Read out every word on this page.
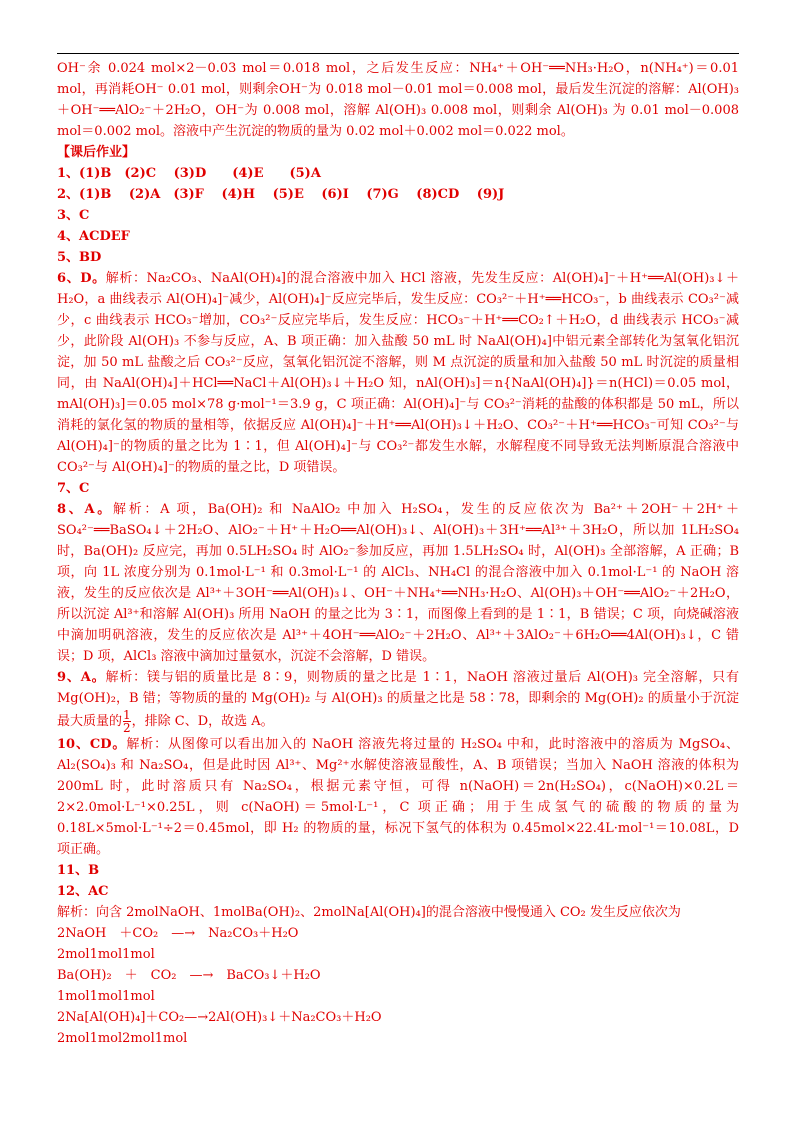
OH⁻余 0.024 mol×2－0.03 mol＝0.018 mol，之后发生反应：NH₄⁺＋OH⁻══NH₃·H₂O，n(NH₄⁺)＝0.01 mol，再消耗OH⁻ 0.01 mol，则剩余OH⁻为 0.018 mol－0.01 mol＝0.008 mol，最后发生沉淀的溶解：Al(OH)₃＋OH⁻══AlO₂⁻＋2H₂O，OH⁻为 0.008 mol，溶解 Al(OH)₃ 0.008 mol，则剩余 Al(OH)₃ 为 0.01 mol－0.008 mol＝0.002 mol。溶液中产生沉淀的物质的量为 0.02 mol＋0.002 mol＝0.022 mol。

【课后作业】

1、(1)B　(2)C　 (3)D　　(4)E　　(5)A

2、(1)B　 (2)A　(3)F　 (4)H　 (5)E　 (6)I　 (7)G　 (8)CD　 (9)J

3、C

4、ACDEF

5、BD

6、D。解析：Na₂CO₃、NaAl(OH)₄]的混合溶液中加入 HCl 溶液，先发生反应：Al(OH)₄]⁻＋H⁺══Al(OH)₃↓＋H₂O，a 曲线表示 Al(OH)₄]⁻减少，Al(OH)₄]⁻反应完毕后，发生反应：CO₃²⁻＋H⁺══HCO₃⁻，b 曲线表示 CO₃²⁻减少，c 曲线表示 HCO₃⁻增加，CO₃²⁻反应完毕后，发生反应：HCO₃⁻＋H⁺══CO₂↑＋H₂O，d 曲线表示 HCO₃⁻减少，此阶段 Al(OH)₃ 不参与反应，A、B 项正确：加入盐酸 50 mL 时 NaAl(OH)₄]中铝元素全部转化为氢氧化铝沉淀，加 50 mL 盐酸之后 CO₃²⁻反应，氢氧化铝沉淀不溶解，则 M 点沉淀的质量和加入盐酸 50 mL 时沉淀的质量相同，由 NaAl(OH)₄]＋HCl══NaCl＋Al(OH)₃↓＋H₂O 知，nAl(OH)₃]＝n{NaAl(OH)₄]}＝n(HCl)＝0.05 mol，mAl(OH)₃]＝0.05 mol×78 g·mol⁻¹＝3.9 g，C 项正确：Al(OH)₄]⁻与 CO₃²⁻消耗的盐酸的体积都是 50 mL，所以消耗的氯化氢的物质的量相等，依据反应 Al(OH)₄]⁻＋H⁺══Al(OH)₃↓＋H₂O、CO₃²⁻＋H⁺══HCO₃⁻可知 CO₃²⁻与 Al(OH)₄]⁻的物质的量之比为 1∶1，但 Al(OH)₄]⁻与 CO₃²⁻都发生水解，水解程度不同导致无法判断原混合溶液中 CO₃²⁻与 Al(OH)₄]⁻的物质的量之比，D 项错误。

7、C

8、A。解析：A 项，Ba(OH)₂ 和 NaAlO₂ 中加入 H₂SO₄，发生的反应依次为 Ba²⁺＋2OH⁻＋2H⁺＋SO₄²⁻══BaSO₄↓＋2H₂O、AlO₂⁻＋H⁺＋H₂O══Al(OH)₃↓、Al(OH)₃＋3H⁺══Al³⁺＋3H₂O，所以加 1LH₂SO₄ 时，Ba(OH)₂ 反应完，再加 0.5LH₂SO₄ 时 AlO₂⁻参加反应，再加 1.5LH₂SO₄ 时，Al(OH)₃ 全部溶解，A 正确；B 项，向 1L 浓度分别为 0.1mol·L⁻¹ 和 0.3mol·L⁻¹ 的 AlCl₃、NH₄Cl 的混合溶液中加入 0.1mol·L⁻¹ 的 NaOH 溶液，发生的反应依次是 Al³⁺＋3OH⁻══Al(OH)₃↓、OH⁻＋NH₄⁺══NH₃·H₂O、Al(OH)₃＋OH⁻══AlO₂⁻＋2H₂O，所以沉淀 Al³⁺和溶解 Al(OH)₃ 所用 NaOH 的量之比为 3∶1，而图像上看到的是 1∶1，B 错误；C 项，向烧碱溶液中滴加明矾溶液，发生的反应依次是 Al³⁺＋4OH⁻══AlO₂⁻＋2H₂O、Al³⁺＋3AlO₂⁻＋6H₂O══4Al(OH)₃↓，C 错误；D 项，AlCl₃ 溶液中滴加过量氨水，沉淀不会溶解，D 错误。

9、A。解析：镁与铝的质量比是 8∶9，则物质的量之比是 1∶1，NaOH 溶液过量后 Al(OH)₃ 完全溶解，只有 Mg(OH)₂，B 错；等物质的量的 Mg(OH)₂ 与 Al(OH)₃ 的质量之比是 58∶78，即剩余的 Mg(OH)₂ 的质量小于沉淀最大质量的 $\frac{1}{2}$ ，排除 C、D，故选 A。

10、CD。解析：从图像可以看出加入的 NaOH 溶液先将过量的 H₂SO₄ 中和，此时溶液中的溶质为 MgSO₄、Al₂(SO₄)₃ 和 Na₂SO₄，但是此时因 Al³⁺、Mg²⁺水解使溶液显酸性，A、B 项错误；当加入 NaOH 溶液的体积为 200mL 时，此时溶质只有 Na₂SO₄，根据元素守恒，可得 n(NaOH)＝2n(H₂SO₄)，c(NaOH)×0.2L＝2×2.0mol·L⁻¹×0.25L，则 c(NaOH)＝5mol·L⁻¹，C 项正确；用于生成氢气的硫酸的物质的量为 0.18L×5mol·L⁻¹÷2＝0.45mol，即 H₂ 的物质的量，标况下氢气的体积为 0.45mol×22.4L·mol⁻¹＝10.08L，D 项正确。

11、B

12、AC

解析：向含 2molNaOH、1molBa(OH)₂、2molNa[Al(OH)₄]的混合溶液中慢慢通入 CO₂ 发生反应依次为

2NaOH　＋CO₂　—→　Na₂CO₃＋H₂O

2mol1mol1mol

Ba(OH)₂　＋　CO₂　—→　BaCO₃↓＋H₂O

1mol1mol1mol

2Na[Al(OH)₄]＋CO₂—→2Al(OH)₃↓＋Na₂CO₃＋H₂O

2mol1mol2mol1mol
